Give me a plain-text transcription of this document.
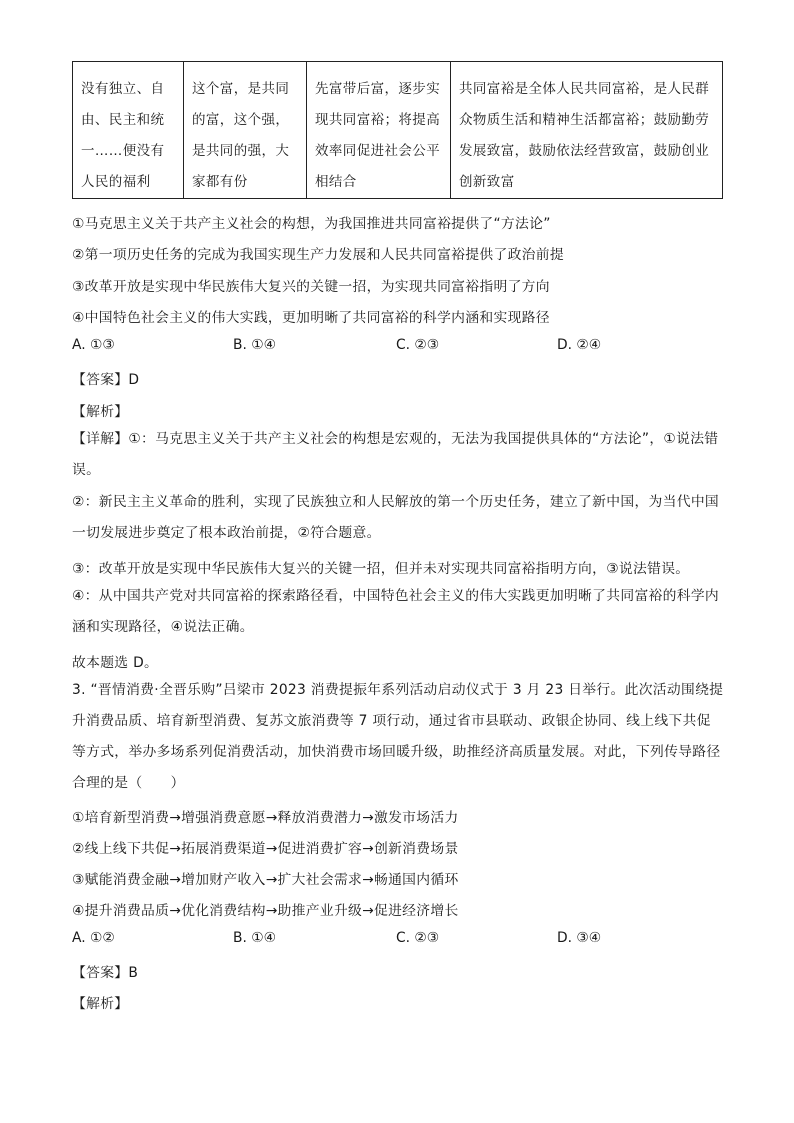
没有独立、自由、民主和统一……便没有人民的福利	这个富，是共同的富，这个强，是共同的强，大家都有份	先富带后富，逐步实现共同富裕；将提高效率同促进社会公平相结合	共同富裕是全体人民共同富裕，是人民群众物质生活和精神生活都富裕；鼓励勤劳发展致富，鼓励依法经营致富，鼓励创业创新致富
①马克思主义关于共产主义社会的构想，为我国推进共同富裕提供了“方法论”
②第一项历史任务的完成为我国实现生产力发展和人民共同富裕提供了政治前提
③改革开放是实现中华民族伟大复兴的关键一招，为实现共同富裕指明了方向
④中国特色社会主义的伟大实践，更加明晰了共同富裕的科学内涵和实现路径
A. ①③	B. ①④	C. ②③	D. ②④
【答案】D
【解析】
【详解】①：马克思主义关于共产主义社会的构想是宏观的，无法为我国提供具体的“方法论”，①说法错误。
②：新民主主义革命的胜利，实现了民族独立和人民解放的第一个历史任务，建立了新中国，为当代中国一切发展进步奠定了根本政治前提，②符合题意。
③：改革开放是实现中华民族伟大复兴的关键一招，但并未对实现共同富裕指明方向，③说法错误。
④：从中国共产党对共同富裕的探索路径看，中国特色社会主义的伟大实践更加明晰了共同富裕的科学内涵和实现路径，④说法正确。
故本题选 D。
3. “晋情消费·全晋乐购”吕梁市 2023 消费提振年系列活动启动仪式于 3 月 23 日举行。此次活动围绕提升消费品质、培育新型消费、复苏文旅消费等 7 项行动，通过省市县联动、政银企协同、线上线下共促等方式，举办多场系列促消费活动，加快消费市场回暖升级，助推经济高质量发展。对此，下列传导路径合理的是（　　）
①培育新型消费→增强消费意愿→释放消费潜力→激发市场活力
②线上线下共促→拓展消费渠道→促进消费扩容→创新消费场景
③赋能消费金融→增加财产收入→扩大社会需求→畅通国内循环
④提升消费品质→优化消费结构→助推产业升级→促进经济增长
A. ①②	B. ①④	C. ②③	D. ③④
【答案】B
【解析】
